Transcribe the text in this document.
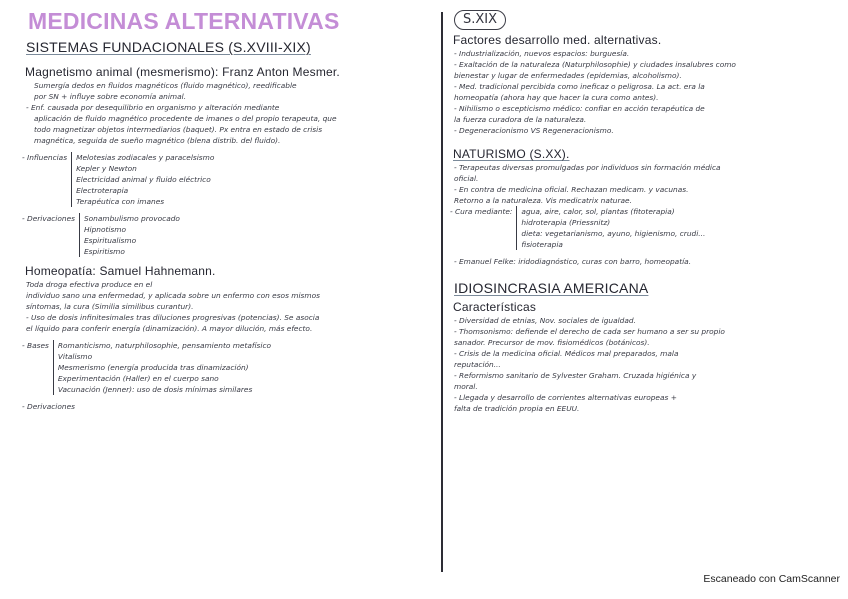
MEDICINAS ALTERNATIVAS
SISTEMAS FUNDACIONALES (S.XVIII-XIX)
Magnetismo animal (mesmerismo): Franz Anton Mesmer.
Sumergía dedos en fluidos magnéticos (fluido magnético), reedificable
por SN + influye sobre economía animal.
- Enf. causada por desequilibrio en organismo y alteración mediante
aplicación de fluido magnético procedente de imanes o del propio terapeuta, que
todo magnetizar objetos intermediarios (baquet). Px entra en estado de crisis
magnética, seguida de sueño magnético (blena distrib. del fluido).
- Influencias	Melotesias zodiacales y paracelsismo
Kepler y Newton
Electricidad animal y fluido eléctrico
Electroterapia
Terapéutica con imanes
- Derivaciones	Sonambulismo provocado
Hipnotismo
Espiritualismo
Espiritismo
Homeopatía: Samuel Hahnemann.
Toda droga efectiva produce en el
individuo sano una enfermedad, y aplicada sobre un enfermo con esos mismos
síntomas, la cura (Similia similibus curantur).
- Uso de dosis infinitesimales tras diluciones progresivas (potencias). Se asocia
el líquido para conferir energía (dinamización). A mayor dilución, más efecto.
- Bases	Romanticismo, naturphilosophie, pensamiento metafísico
Vitalismo
Mesmerismo (energía producida tras dinamización)
Experimentación (Haller) en el cuerpo sano
Vacunación (Jenner): uso de dosis mínimas similares
- Derivaciones
S.XIX
Factores desarrollo med. alternativas.
- Industrialización, nuevos espacios: burguesía.
- Exaltación de la naturaleza (Naturphilosophie) y ciudades insalubres como
bienestar y lugar de enfermedades (epidemias, alcoholismo).
- Med. tradicional percibida como ineficaz o peligrosa. La act. era la
homeopatía (ahora hay que hacer la cura como antes).
- Nihilismo o escepticismo médico: confiar en acción terapéutica de
la fuerza curadora de la naturaleza.
- Degeneracionismo VS Regeneracionismo.
NATURISMO (S.XX).
- Terapeutas diversas promulgadas por individuos sin formación médica
oficial.
- En contra de medicina oficial. Rechazan medicam. y vacunas.
Retorno a la naturaleza. Vis medicatrix naturae.
- Cura mediante:	agua, aire, calor, sol, plantas (fitoterapia)
hidroterapia (Priessnitz)
dieta: vegetarianismo, ayuno, higienismo, crudi...
fisioterapia
- Emanuel Felke: iridodiagnóstico, curas con barro, homeopatía.
IDIOSINCRASIA AMERICANA
Características
- Diversidad de etnias, Nov. sociales de igualdad.
- Thomsonismo: defiende el derecho de cada ser humano a ser su propio
sanador. Precursor de mov. fisiomédicos (botánicos).
- Crisis de la medicina oficial. Médicos mal preparados, mala
reputación...
- Reformismo sanitario de Sylvester Graham. Cruzada higiénica y
moral.
- Llegada y desarrollo de corrientes alternativas europeas +
falta de tradición propia en EEUU.
Escaneado con CamScanner
